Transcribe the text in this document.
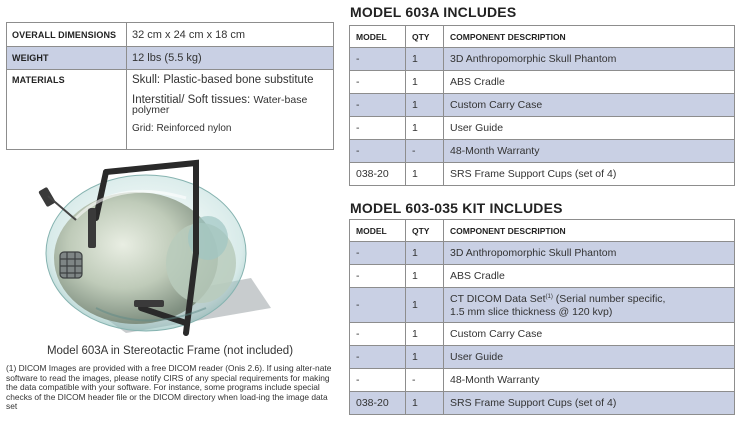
OVERALL DIMENSIONS	32 cm x 24 cm x 18 cm
WEIGHT	12 lbs (5.5 kg)
MATERIALS	Skull: Plastic-based bone substitute
Interstitial/ Soft tissues: Water-base
polymer
Grid: Reinforced nylon
Model 603A in Stereotactic Frame (not included)
(1) DICOM Images are provided with a free DICOM reader (Onis 2.6). If using alter-nate software to read the images, please notify CIRS of any special requirements for making the data compatible with your software. For instance, some programs include special checks of the DICOM header file or the DICOM directory when load-ing the image data set
MODEL 603A INCLUDES
MODEL	QTY	COMPONENT DESCRIPTION
-	1	3D Anthropomorphic Skull Phantom
-	1	ABS Cradle
-	1	Custom Carry Case
-	1	User Guide
-	-	48-Month Warranty
038-20	1	SRS Frame Support Cups (set of 4)
MODEL 603-035 KIT INCLUDES
MODEL	QTY	COMPONENT DESCRIPTION
-	1	3D Anthropomorphic Skull Phantom
-	1	ABS Cradle
-	1	CT DICOM Data Set$^{(1)}$ (Serial number specific,
1.5 mm slice thickness @ 120 kvp)
-	1	Custom Carry Case
-	1	User Guide
-	-	48-Month Warranty
038-20	1	SRS Frame Support Cups (set of 4)
